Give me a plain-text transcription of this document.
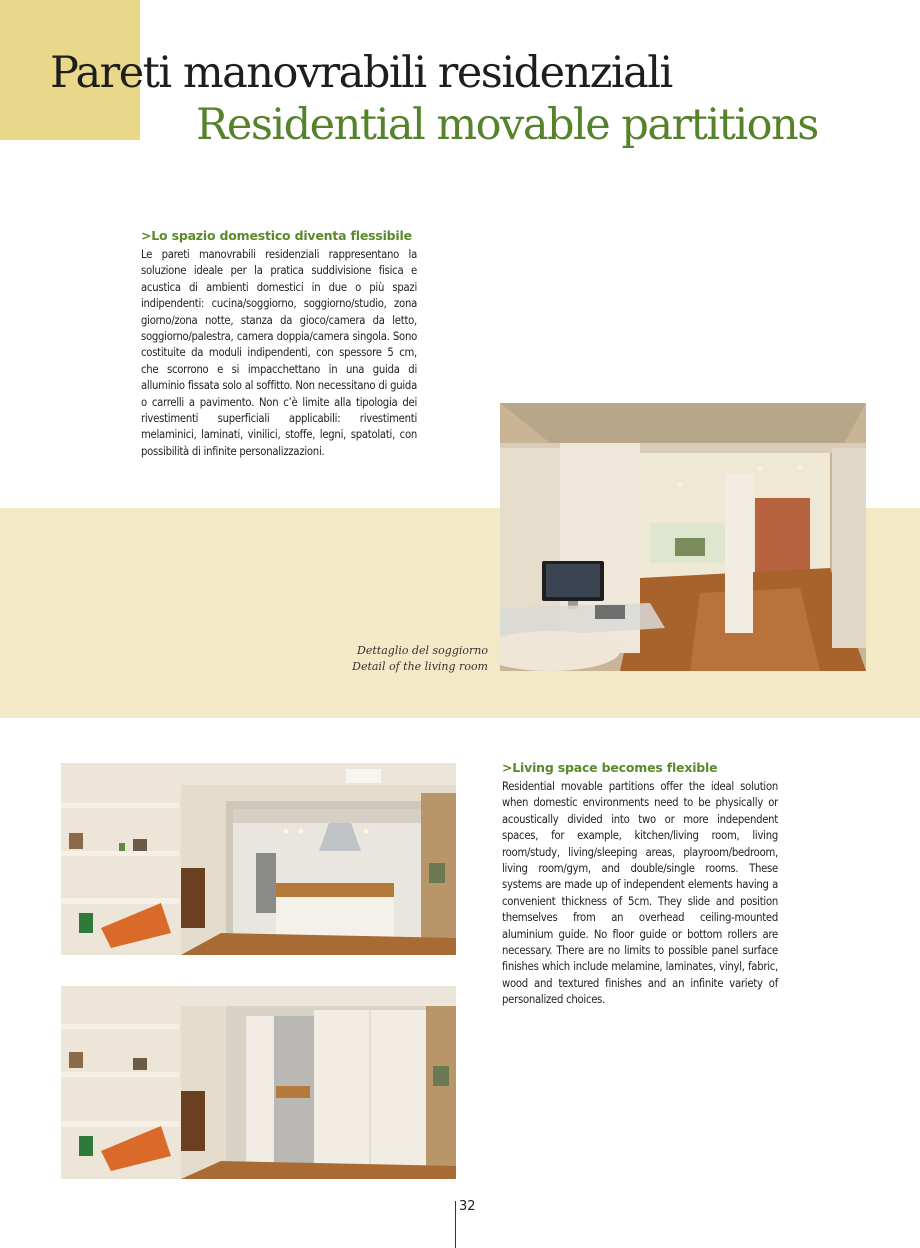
Pareti manovrabili residenziali
Residential movable partitions
>Lo spazio domestico diventa flessibile

Le pareti manovrabili residenziali rappresentano la soluzione ideale per la pratica suddivisione fisica e acustica di ambienti domestici in due o più spazi indipendenti: cucina/soggiorno, soggiorno/studio, zona giorno/zona notte, stanza da gioco/camera da letto, soggiorno/palestra, camera doppia/camera singola. Sono costituite da moduli indipendenti, con spessore 5 cm, che scorrono e si impacchettano in una guida di alluminio fissata solo al soffitto. Non necessitano di guida o carrelli a pavimento. Non c’è limite alla tipologia dei rivestimenti superficiali applicabili: rivestimenti melaminici, laminati, vinilici, stoffe, legni, spatolati, con possibilità di infinite personalizzazioni.

Dettaglio del soggiorno
Detail of the living room
>Living space becomes flexible

Residential movable partitions offer the ideal solution when domestic environments need to be physically or acoustically divided into two or more independent spaces, for example, kitchen/living room, living room/study, living/sleeping areas, playroom/bedroom, living room/gym, and double/single rooms. These systems are made up of independent elements having a convenient thickness of 5cm. They slide and position themselves from an overhead ceiling-mounted aluminium guide. No floor guide or bottom rollers are necessary. There are no limits to possible panel surface finishes which include melamine, laminates, vinyl, fabric, wood and textured finishes and an infinite variety of personalized choices.

32
